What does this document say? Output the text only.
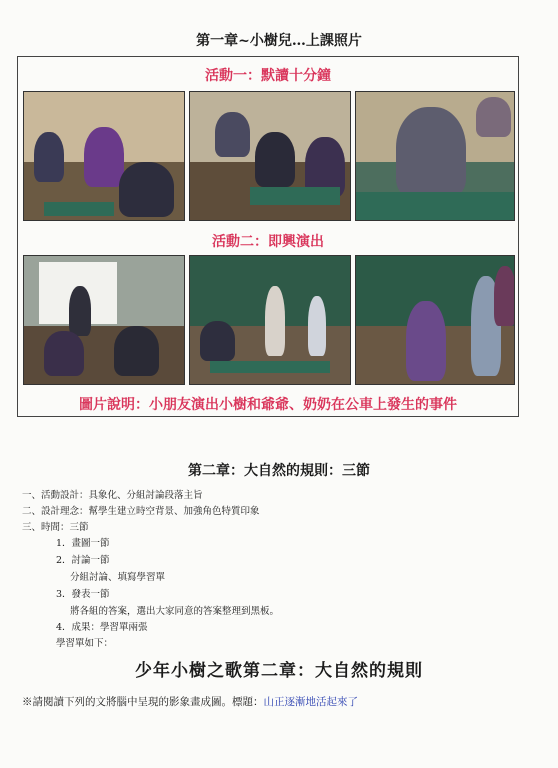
第一章~小樹兒…上課照片
活動一：默讀十分鐘
活動二：即興演出
圖片說明：小朋友演出小樹和爺爺、奶奶在公車上發生的事件
第二章：大自然的規則：三節
一、活動設計：具象化、分組討論段落主旨
二、設計理念：幫學生建立時空背景、加強角色特質印象
三、時間：三節
1．畫圖一節
2．討論一節
分組討論、填寫學習單
3．發表一節
將各組的答案，選出大家同意的答案整理到黑板。
4．成果：學習單兩張
學習單如下：
少年小樹之歌第二章：大自然的規則
※請閱讀下列的文將腦中呈現的影象畫成圖。標題：山正逐漸地活起來了
